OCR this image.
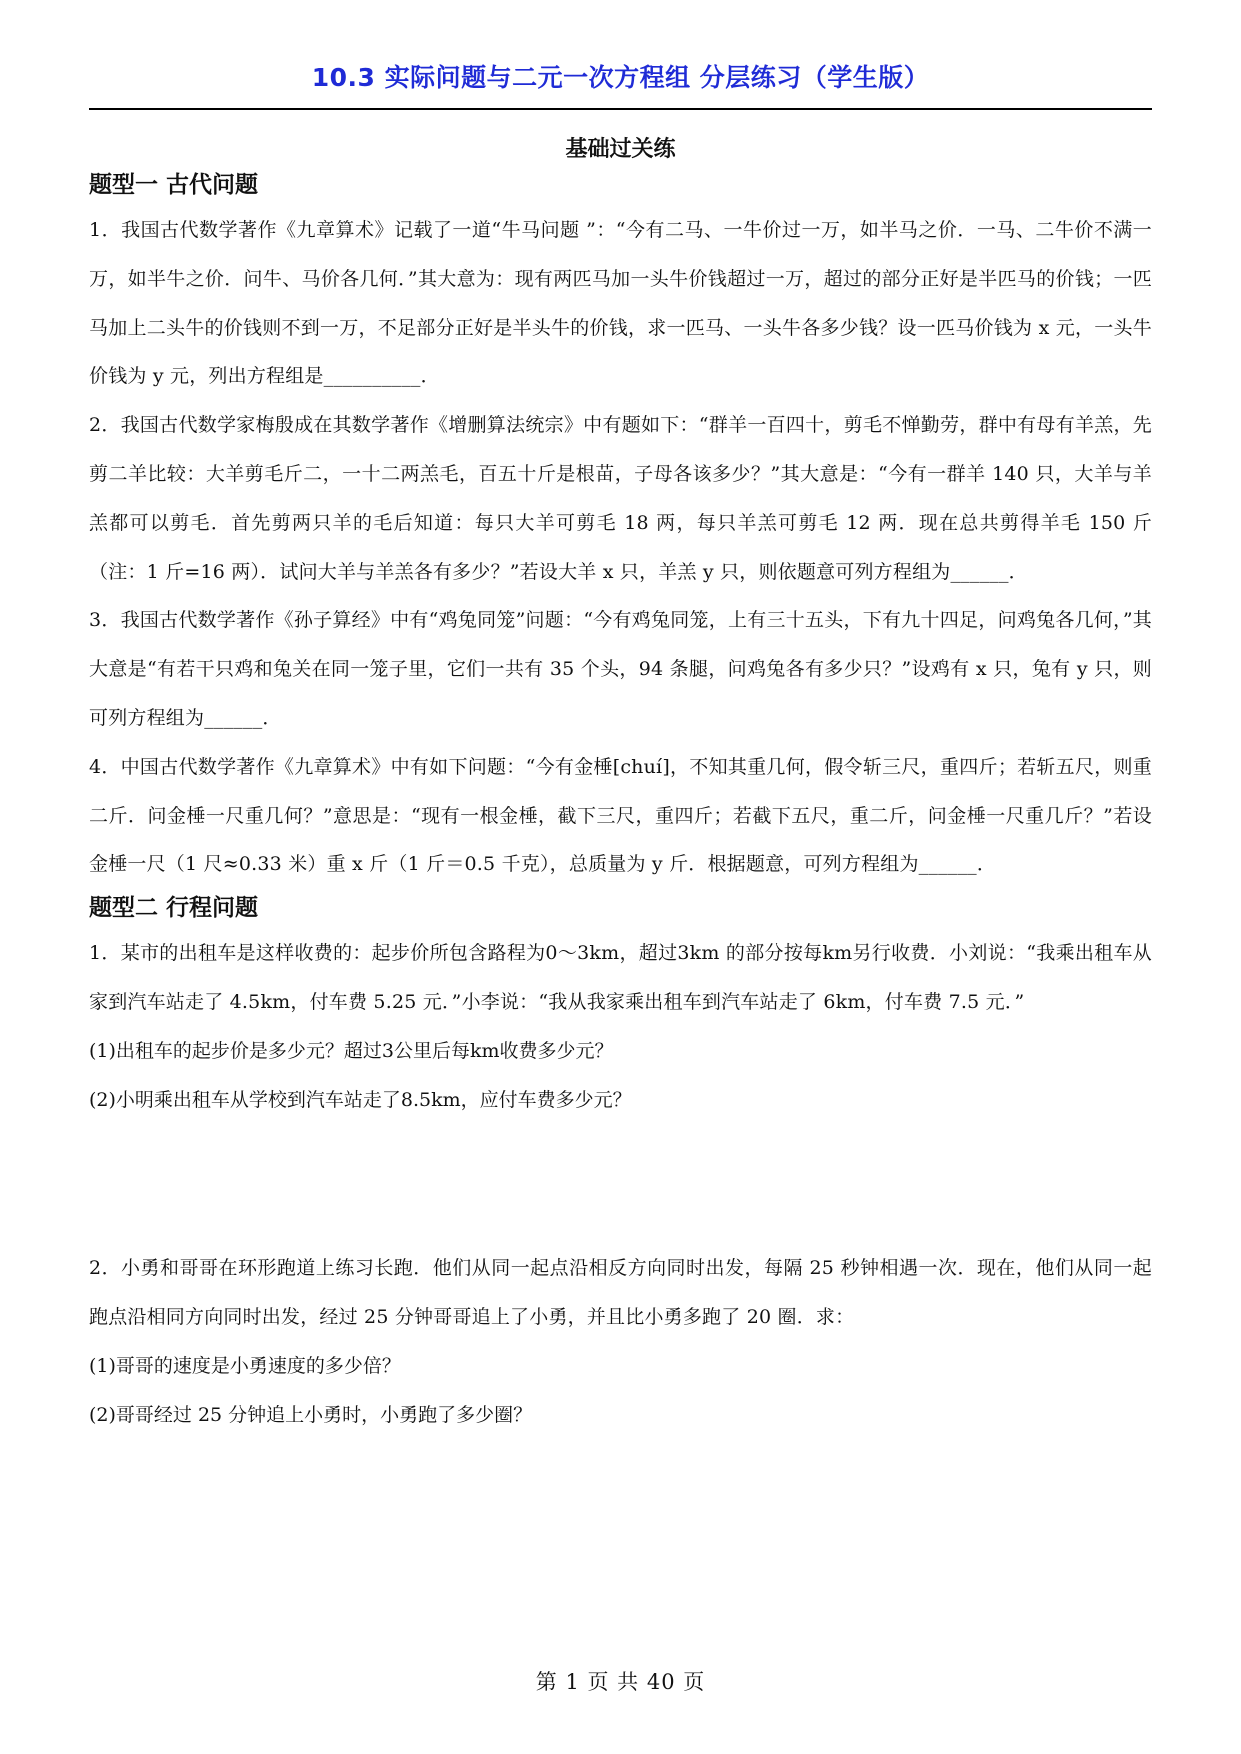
10.3 实际问题与二元一次方程组 分层练习（学生版）
基础过关练
题型一 古代问题

1．我国古代数学著作《九章算术》记载了一道“牛马问题 ”：“今有二马、一牛价过一万，如半马之价．一马、二牛价不满一万，如半牛之价．问牛、马价各几何．”其大意为：现有两匹马加一头牛价钱超过一万，超过的部分正好是半匹马的价钱；一匹马加上二头牛的价钱则不到一万，不足部分正好是半头牛的价钱，求一匹马、一头牛各多少钱？设一匹马价钱为 x 元，一头牛价钱为 y 元，列出方程组是__________．

2．我国古代数学家梅殷成在其数学著作《增删算法统宗》中有题如下：“群羊一百四十，剪毛不惮勤劳，群中有母有羊羔，先剪二羊比较：大羊剪毛斤二，一十二两羔毛，百五十斤是根苗，子母各该多少？”其大意是：“今有一群羊 140 只，大羊与羊羔都可以剪毛．首先剪两只羊的毛后知道：每只大羊可剪毛 18 两，每只羊羔可剪毛 12 两．现在总共剪得羊毛 150 斤（注：1 斤=16 两）．试问大羊与羊羔各有多少？”若设大羊 x 只，羊羔 y 只，则依题意可列方程组为______．

3．我国古代数学著作《孙子算经》中有“鸡兔同笼”问题：“今有鸡兔同笼，上有三十五头，下有九十四足，问鸡兔各几何，”其大意是“有若干只鸡和兔关在同一笼子里，它们一共有 35 个头，94 条腿，问鸡兔各有多少只？”设鸡有 x 只，兔有 y 只，则可列方程组为______．

4．中国古代数学著作《九章算术》中有如下问题：“今有金棰[chuí]，不知其重几何，假令斩三尺，重四斤；若斩五尺，则重二斤．问金棰一尺重几何？”意思是：“现有一根金棰，截下三尺，重四斤；若截下五尺，重二斤，问金棰一尺重几斤？”若设金棰一尺（1 尺≈0.33 米）重 x 斤（1 斤＝0.5 千克），总质量为 y 斤．根据题意，可列方程组为______．

题型二 行程问题

1．某市的出租车是这样收费的：起步价所包含路程为0～3km，超过3km 的部分按每km另行收费．小刘说：“我乘出租车从家到汽车站走了 4.5km，付车费 5.25 元．”小李说：“我从我家乘出租车到汽车站走了 6km，付车费 7.5 元．”

(1)出租车的起步价是多少元？超过3公里后每km收费多少元？

(2)小明乘出租车从学校到汽车站走了8.5km，应付车费多少元？

2．小勇和哥哥在环形跑道上练习长跑．他们从同一起点沿相反方向同时出发，每隔 25 秒钟相遇一次．现在，他们从同一起跑点沿相同方向同时出发，经过 25 分钟哥哥追上了小勇，并且比小勇多跑了 20 圈．求：

(1)哥哥的速度是小勇速度的多少倍？

(2)哥哥经过 25 分钟追上小勇时，小勇跑了多少圈？

第 1 页 共 40 页
